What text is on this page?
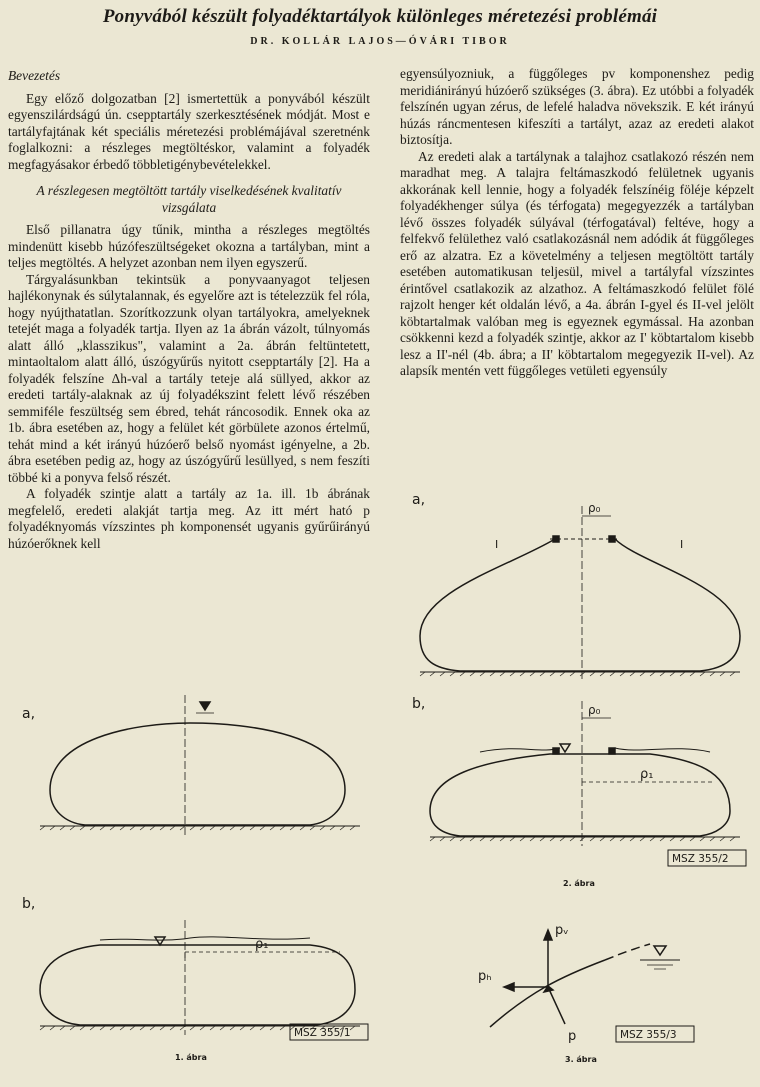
Ponyvából készült folyadéktartályok különleges méretezési problémái
DR. KOLLÁR LAJOS—ÓVÁRI TIBOR

Bevezetés

Egy előző dolgozatban [2] ismertettük a ponyvából készült egyenszilárdságú ún. csepptartály szerkesztésének módját. Most e tartályfajtának két speciális méretezési problémájával szeretnénk foglalkozni: a részleges megtöltéskor, valamint a folyadék megfagyásakor érbedő többletigénybevételekkel.

A részlegesen megtöltött tartály viselkedésének kvalitatív vizsgálata

Első pillanatra úgy tűnik, mintha a részleges megtöltés mindenütt kisebb húzófeszültségeket okozna a tartályban, mint a teljes megtöltés. A helyzet azonban nem ilyen egyszerű.

Tárgyalásunkban tekintsük a ponyvaanyagot teljesen hajlékonynak és súlytalannak, és egyelőre azt is tételezzük fel róla, hogy nyújthatatlan. Szorítkozzunk olyan tartályokra, amelyeknek tetejét maga a folyadék tartja. Ilyen az 1a ábrán vázolt, túlnyomás alatt álló „klasszikus", valamint a 2a. ábrán feltüntetett, mintaoltalom alatt álló, úszógyűrűs nyitott csepptartály [2]. Ha a folyadék felszíne Δh-val a tartály teteje alá süllyed, akkor az eredeti tartály-alaknak az új folyadékszint felett lévő részében semmiféle feszültség sem ébred, tehát ráncosodik. Ennek oka az 1b. ábra esetében az, hogy a felület két görbülete azonos értelmű, tehát mind a két irányú húzóerő belső nyomást igényelne, a 2b. ábra esetében pedig az, hogy az úszógyűrű lesüllyed, s nem feszíti többé ki a ponyva felső részét.

A folyadék szintje alatt a tartály az 1a. ill. 1b ábrának megfelelő, eredeti alakját tartja meg. Az itt mért ható p folyadéknyomás vízszintes ph komponensét ugyanis gyűrűirányú húzóerőknek kell

egyensúlyozniuk, a függőleges pv komponenshez pedig meridiánirányú húzóerő szükséges (3. ábra). Ez utóbbi a folyadék felszínén ugyan zérus, de lefelé haladva növekszik. E két irányú húzás ráncmentesen kifeszíti a tartályt, azaz az eredeti alakot biztosítja.

Az eredeti alak a tartálynak a talajhoz csatlakozó részén nem maradhat meg. A talajra feltámaszkodó felületnek ugyanis akkorának kell lennie, hogy a folyadék felszínéig föléje képzelt folyadékhenger súlya (és térfogata) megegyezzék a tartályban lévő összes folyadék súlyával (térfogatával) feltéve, hogy a felfekvő felülethez való csatlakozásnál nem adódik át függőleges erő az alzatra. Ez a követelmény a teljesen megtöltött tartály esetében automatikusan teljesül, mivel a tartályfal vízszintes érintővel csatlakozik az alzathoz. A feltámaszkodó felület fölé rajzolt henger két oldalán lévő, a 4a. ábrán I-gyel és II-vel jelölt köbtartalmak valóban meg is egyeznek egymással. Ha azonban csökkenni kezd a folyadék szintje, akkor az I' köbtartalom kisebb lesz a II'-nél (4b. ábra; a II' köbtartalom megegyezik II-vel). Az alapsík mentén vett függőleges vetületi egyensúly

a,
b,
ρ₁
MSZ 355/1
1. ábra
a,
b,
ρ₀
ρ₀
ρ₁
I	I
MSZ 355/2
2. ábra
pᵥ
pₕ
p	MSZ 355/3
3. ábra
